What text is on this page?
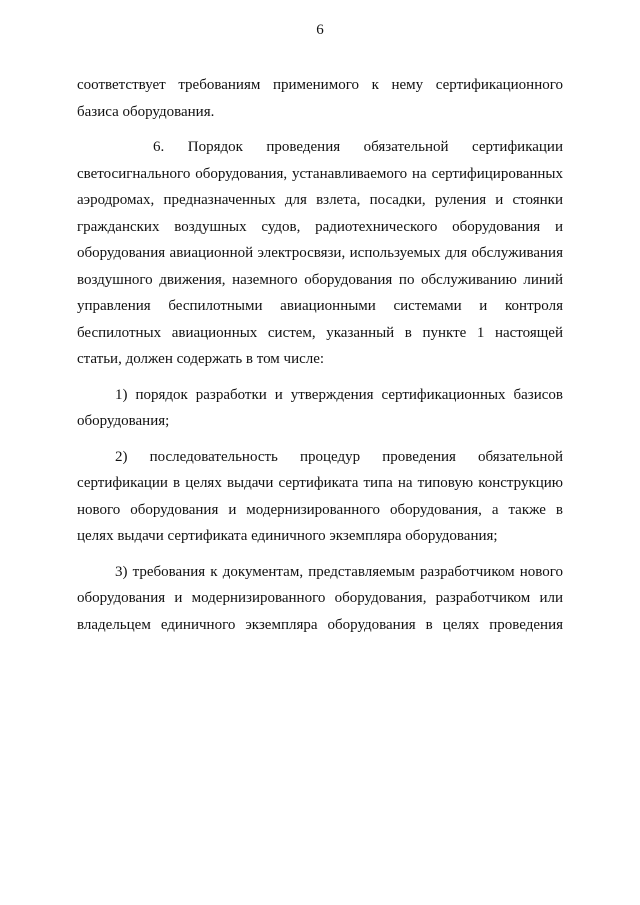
6

соответствует требованиям применимого к нему сертификационного
базиса оборудования.

6. Порядок проведения обязательной сертификации
светосигнального оборудования, устанавливаемого на сертифицированных
аэродромах, предназначенных для взлета, посадки, руления и стоянки
гражданских воздушных судов, радиотехнического оборудования и
оборудования авиационной электросвязи, используемых для обслуживания
воздушного движения, наземного оборудования по обслуживанию линий
управления беспилотными авиационными системами и контроля
беспилотных авиационных систем, указанный в пункте 1 настоящей
статьи, должен содержать в том числе:

1) порядок разработки и утверждения сертификационных базисов
оборудования;

2) последовательность процедур проведения обязательной
сертификации в целях выдачи сертификата типа на типовую конструкцию
нового оборудования и модернизированного оборудования, а также в
целях выдачи сертификата единичного экземпляра оборудования;

3) требования к документам, представляемым разработчиком нового
оборудования и модернизированного оборудования, разработчиком или
владельцем единичного экземпляра оборудования в целях проведения
